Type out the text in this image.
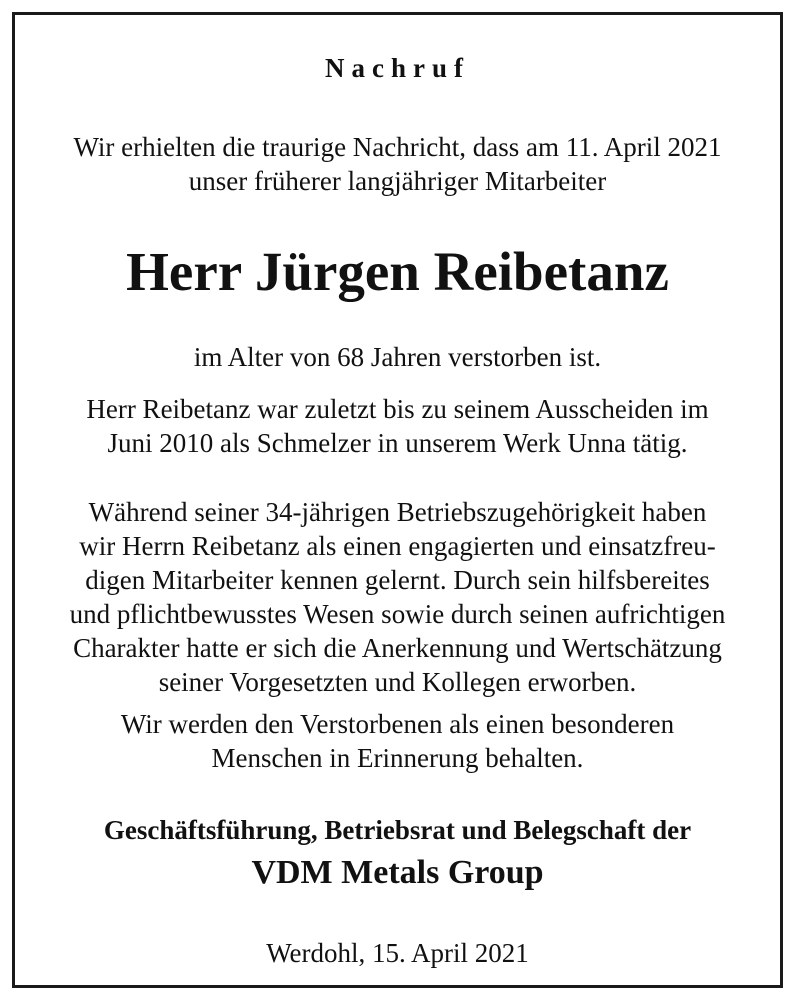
Nachruf
Wir erhielten die traurige Nachricht, dass am 11. April 2021
unser früherer langjähriger Mitarbeiter
Herr Jürgen Reibetanz
im Alter von 68 Jahren verstorben ist.
Herr Reibetanz war zuletzt bis zu seinem Ausscheiden im
Juni 2010 als Schmelzer in unserem Werk Unna tätig.
Während seiner 34-jährigen Betriebszugehörigkeit haben
wir Herrn Reibetanz als einen engagierten und einsatzfreu-
digen Mitarbeiter kennen gelernt. Durch sein hilfsbereites
und pflichtbewusstes Wesen sowie durch seinen aufrichtigen
Charakter hatte er sich die Anerkennung und Wertschätzung
seiner Vorgesetzten und Kollegen erworben.
Wir werden den Verstorbenen als einen besonderen
Menschen in Erinnerung behalten.
Geschäftsführung, Betriebsrat und Belegschaft der
VDM Metals Group
Werdohl, 15. April 2021
